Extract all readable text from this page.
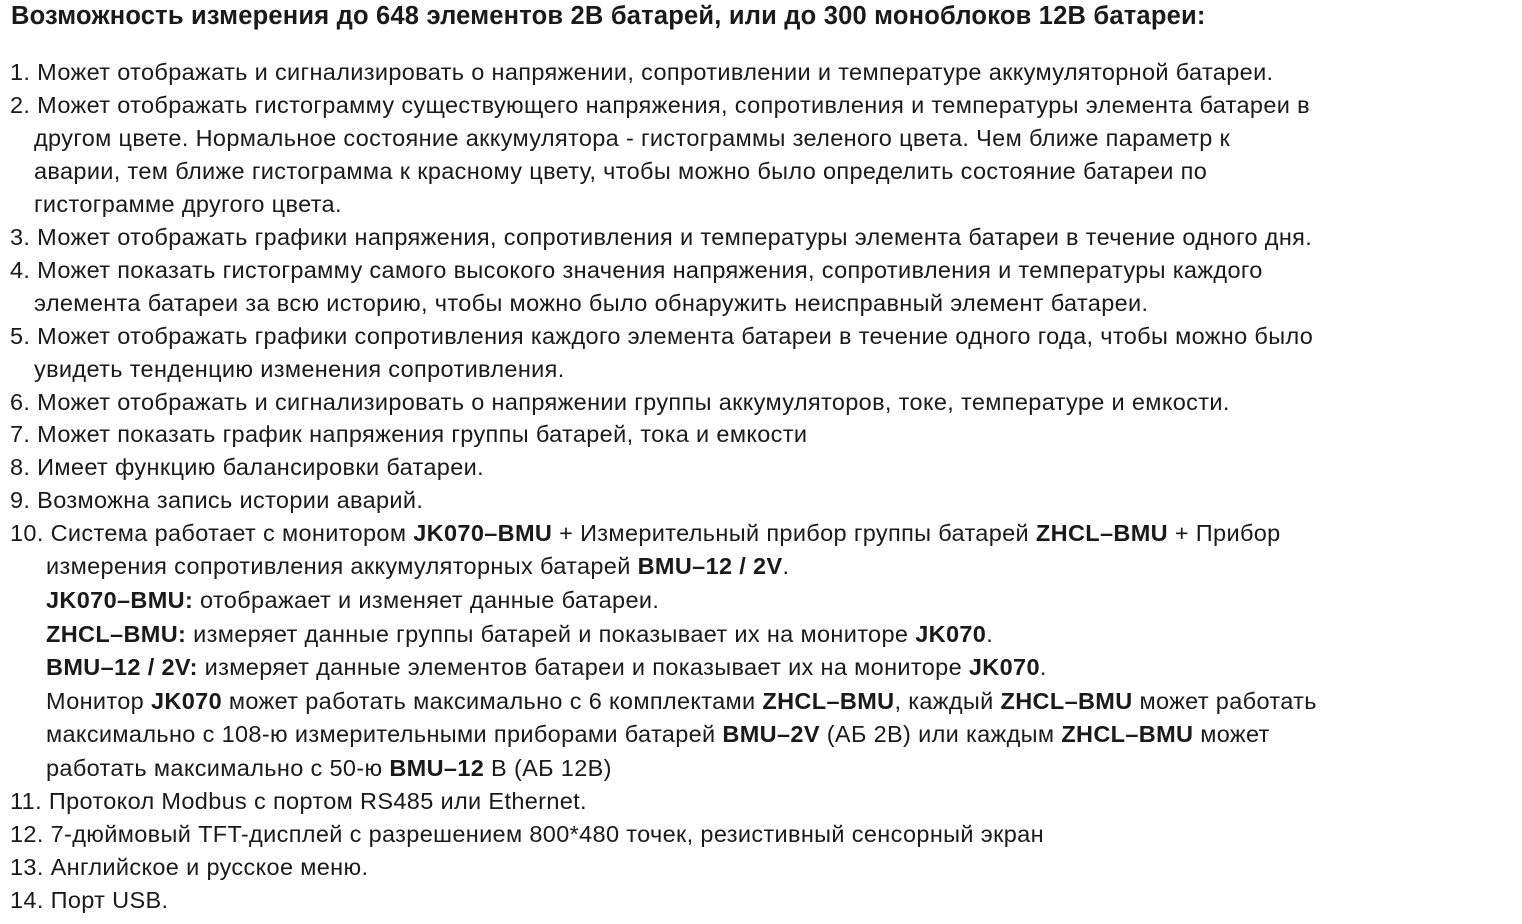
Возможность измерения до 648 элементов 2В батарей, или до 300 моноблоков 12В батареи:
1. Может отображать и сигнализировать о напряжении, сопротивлении и температуре аккумуляторной батареи.
2. Может отображать гистограмму существующего напряжения, сопротивления и температуры элемента батареи в
другом цвете. Нормальное состояние аккумулятора - гистограммы зеленого цвета. Чем ближе параметр к
аварии, тем ближе гистограмма к красному цвету, чтобы можно было определить состояние батареи по
гистограмме другого цвета.
3. Может отображать графики напряжения, сопротивления и температуры элемента батареи в течение одного дня.
4. Может показать гистограмму самого высокого значения напряжения, сопротивления и температуры каждого
элемента батареи за всю историю, чтобы можно было обнаружить неисправный элемент батареи.
5. Может отображать графики сопротивления каждого элемента батареи в течение одного года, чтобы можно было
увидеть тенденцию изменения сопротивления.
6. Может отображать и сигнализировать о напряжении группы аккумуляторов, токе, температуре и емкости.
7. Может показать график напряжения группы батарей, тока и емкости
8. Имеет функцию балансировки батареи.
9. Возможна запись истории аварий.
10. Система работает с монитором JK070–BMU + Измерительный прибор группы батарей ZHCL–BMU + Прибор
измерения сопротивления аккумуляторных батарей BMU–12 / 2V.
JK070–BMU: отображает и изменяет данные батареи.
ZHCL–BMU: измеряет данные группы батарей и показывает их на мониторе JK070.
BMU–12 / 2V: измеряет данные элементов батареи и показывает их на мониторе JK070.
Монитор JK070 может работать максимально с 6 комплектами ZHCL–BMU, каждый ZHCL–BMU может работать
максимально с 108-ю измерительными приборами батарей BMU–2V (АБ 2В) или каждым ZHCL–BMU может
работать максимально с 50-ю BMU–12 В (АБ 12В)
11. Протокол Modbus с портом RS485 или Ethernet.
12. 7-дюймовый TFT-дисплей с разрешением 800*480 точек, резистивный сенсорный экран
13. Английское и русское меню.
14. Порт USB.
